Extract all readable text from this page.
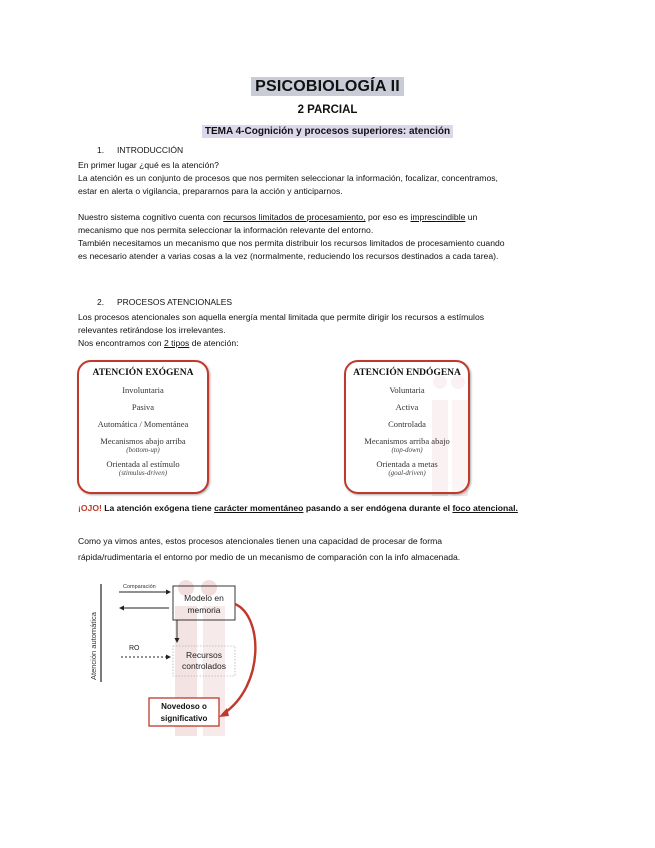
PSICOBIOLOGÍA II
2 PARCIAL
TEMA 4-Cognición y procesos superiores: atención
1. INTRODUCCIÓN
En primer lugar ¿qué es la atención?
La atención es un conjunto de procesos que nos permiten seleccionar la información, focalizar, concentramos,
estar en alerta o vigilancia, prepararnos para la acción y anticiparnos.
Nuestro sistema cognitivo cuenta con recursos limitados de procesamiento, por eso es imprescindible un
mecanismo que nos permita seleccionar la información relevante del entorno.
También necesitamos un mecanismo que nos permita distribuir los recursos limitados de procesamiento cuando
es necesario atender a varias cosas a la vez (normalmente, reduciendo los recursos destinados a cada tarea).
2. PROCESOS ATENCIONALES
Los procesos atencionales son aquella energía mental limitada que permite dirigir los recursos a estímulos
relevantes retirándose los irrelevantes.
Nos encontramos con 2 tipos de atención:
ATENCIÓN EXÓGENA
Involuntaria
Pasiva
Automática / Momentánea
Mecanismos abajo arriba
(bottom-up)
Orientada al estímulo
(stimulus-driven)
ATENCIÓN ENDÓGENA
Voluntaria
Activa
Controlada
Mecanismos arriba abajo
(top-down)
Orientada a metas
(goal-driven)
¡OJO! La atención exógena tiene carácter momentáneo pasando a ser endógena durante el foco atencional.
Como ya vimos antes, estos procesos atencionales tienen una capacidad de procesar de forma
rápida/rudimentaria el entorno por medio de un mecanismo de comparación con la info almacenada.
Atención automática
Comparación
Modelo en
memoria
RO
Recursos
controlados
Novedoso o
significativo
